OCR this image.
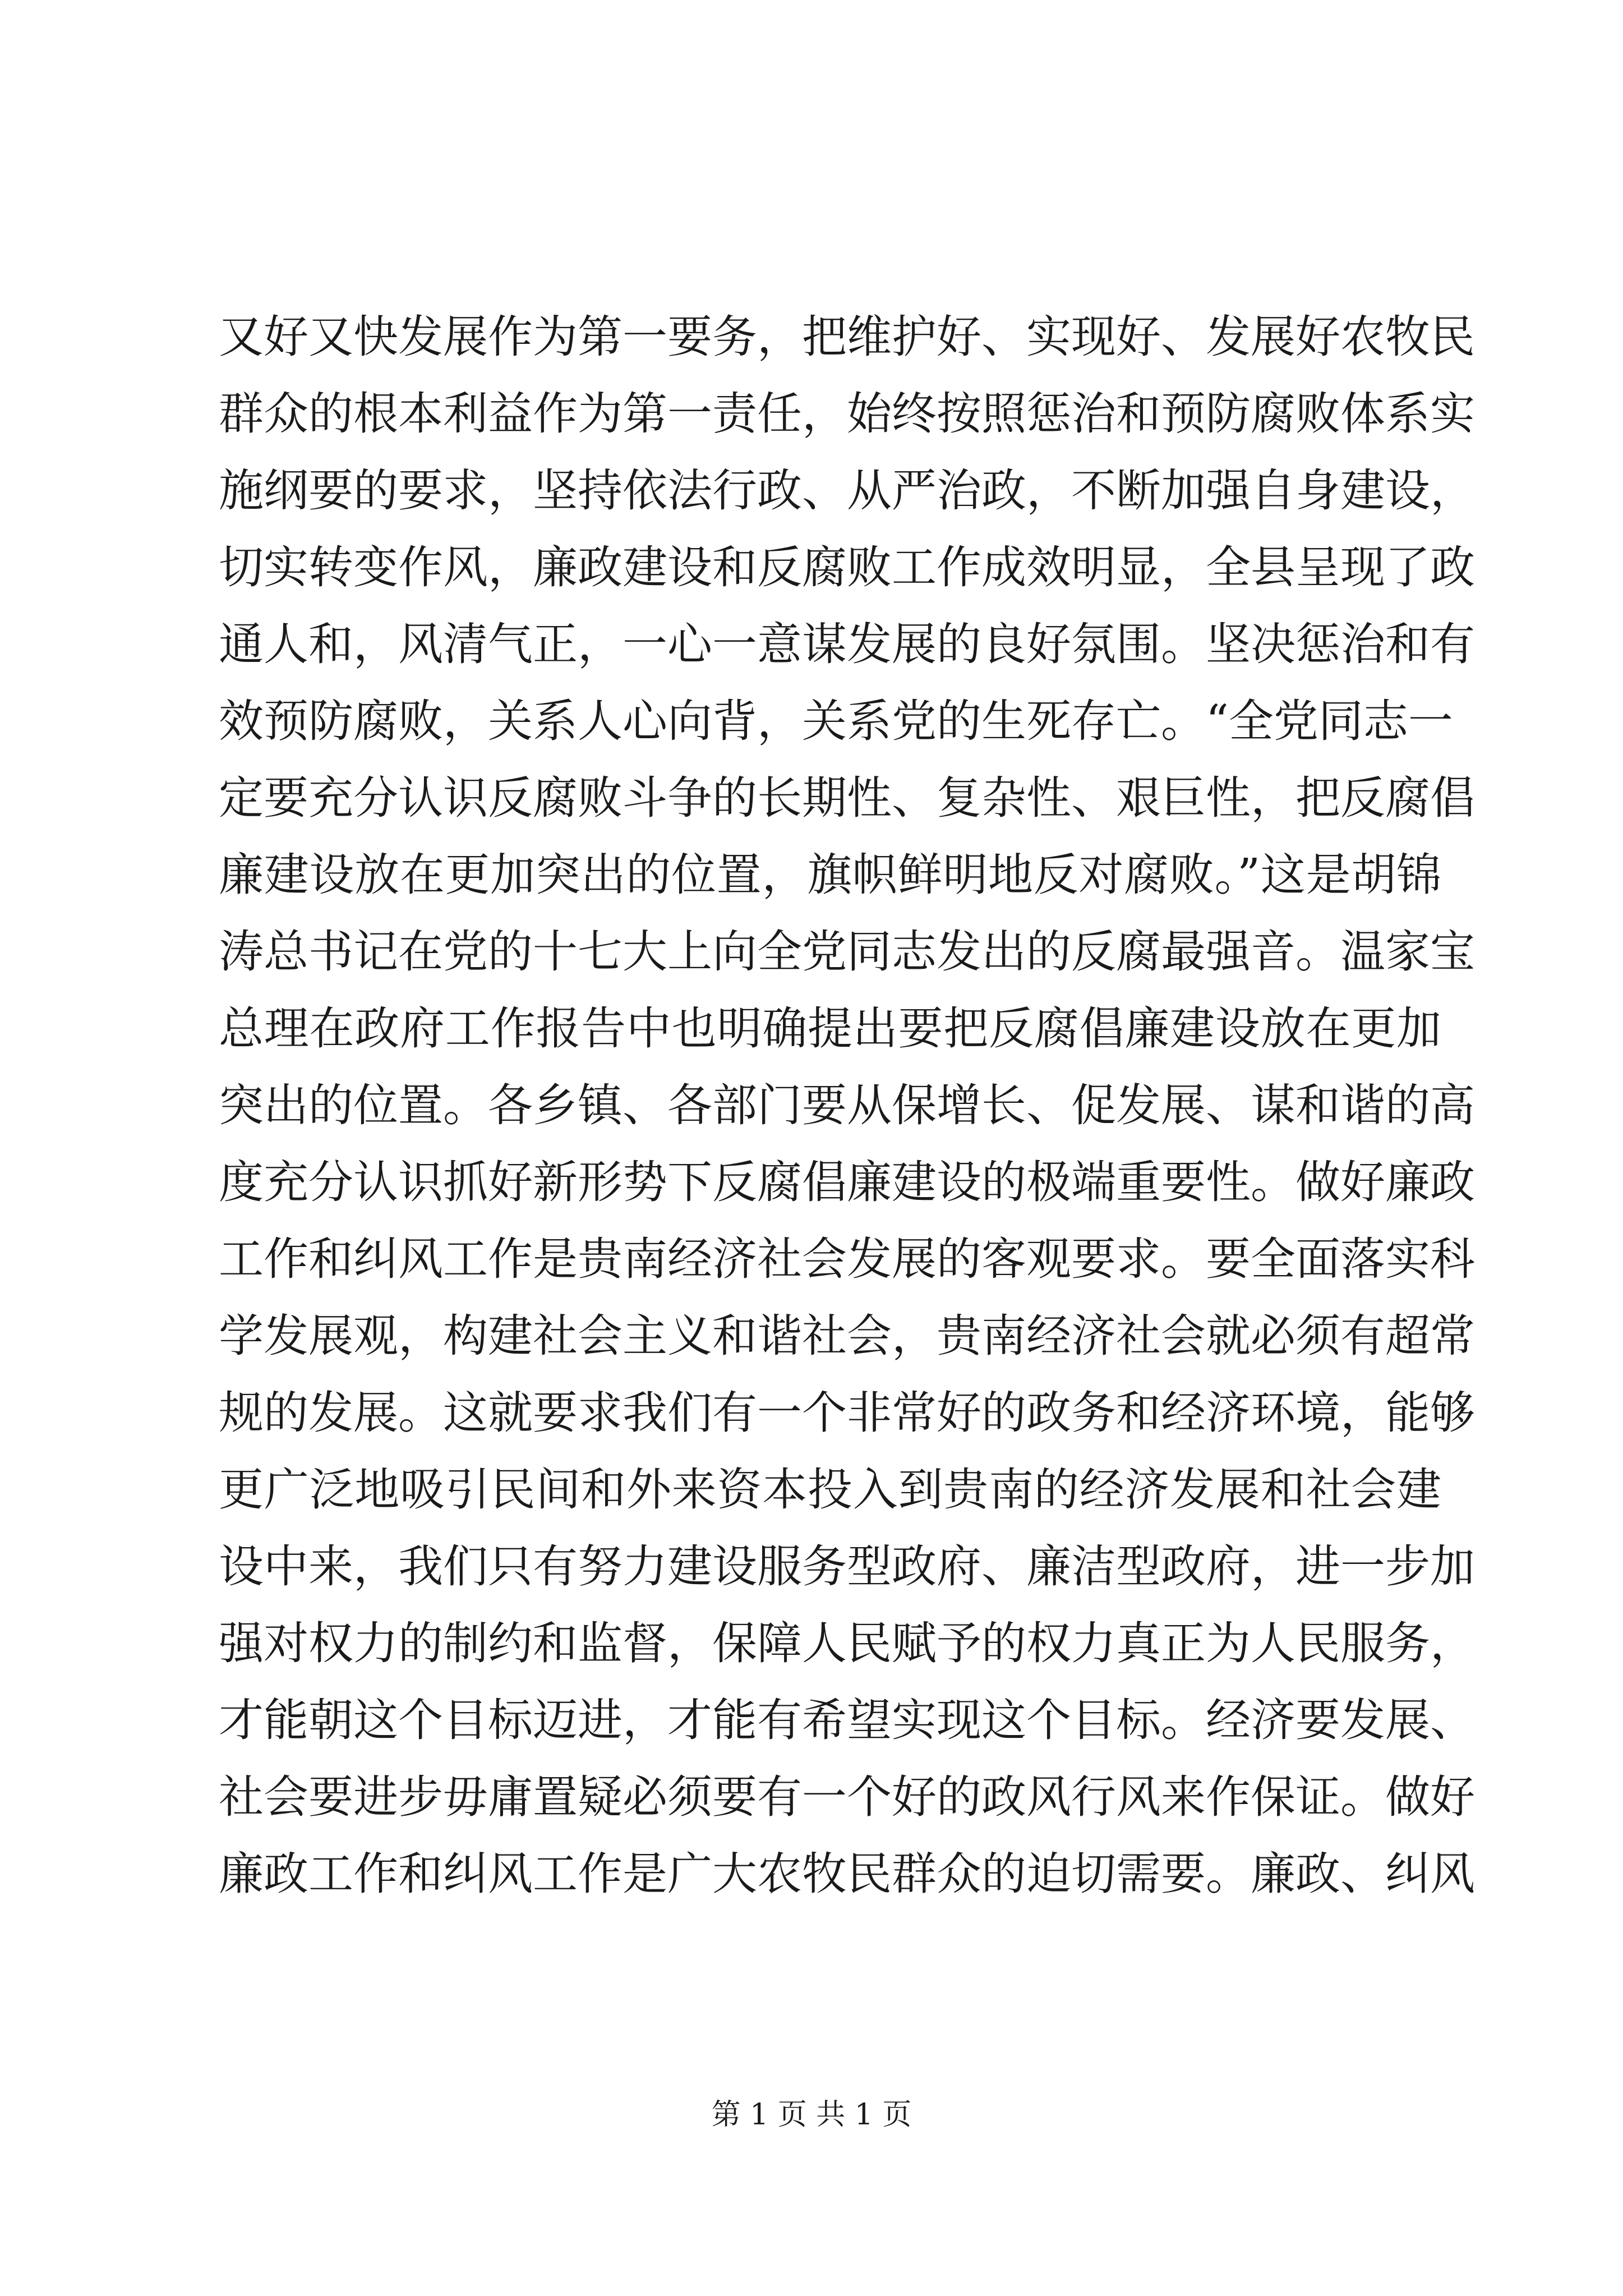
又好又快发展作为第一要务，把维护好、实现好、发展好农牧民
群众的根本利益作为第一责任，始终按照惩治和预防腐败体系实
施纲要的要求，坚持依法行政、从严治政，不断加强自身建设，
切实转变作风，廉政建设和反腐败工作成效明显，全县呈现了政
通人和，风清气正，一心一意谋发展的良好氛围。坚决惩治和有
效预防腐败，关系人心向背，关系党的生死存亡。“全党同志一
定要充分认识反腐败斗争的长期性、复杂性、艰巨性，把反腐倡
廉建设放在更加突出的位置，旗帜鲜明地反对腐败。”这是胡锦
涛总书记在党的十七大上向全党同志发出的反腐最强音。温家宝
总理在政府工作报告中也明确提出要把反腐倡廉建设放在更加
突出的位置。各乡镇、各部门要从保增长、促发展、谋和谐的高
度充分认识抓好新形势下反腐倡廉建设的极端重要性。做好廉政
工作和纠风工作是贵南经济社会发展的客观要求。要全面落实科
学发展观，构建社会主义和谐社会，贵南经济社会就必须有超常
规的发展。这就要求我们有一个非常好的政务和经济环境，能够
更广泛地吸引民间和外来资本投入到贵南的经济发展和社会建
设中来，我们只有努力建设服务型政府、廉洁型政府，进一步加
强对权力的制约和监督，保障人民赋予的权力真正为人民服务，
才能朝这个目标迈进，才能有希望实现这个目标。经济要发展、
社会要进步毋庸置疑必须要有一个好的政风行风来作保证。做好
廉政工作和纠风工作是广大农牧民群众的迫切需要。廉政、纠风
第 1 页 共 1 页
